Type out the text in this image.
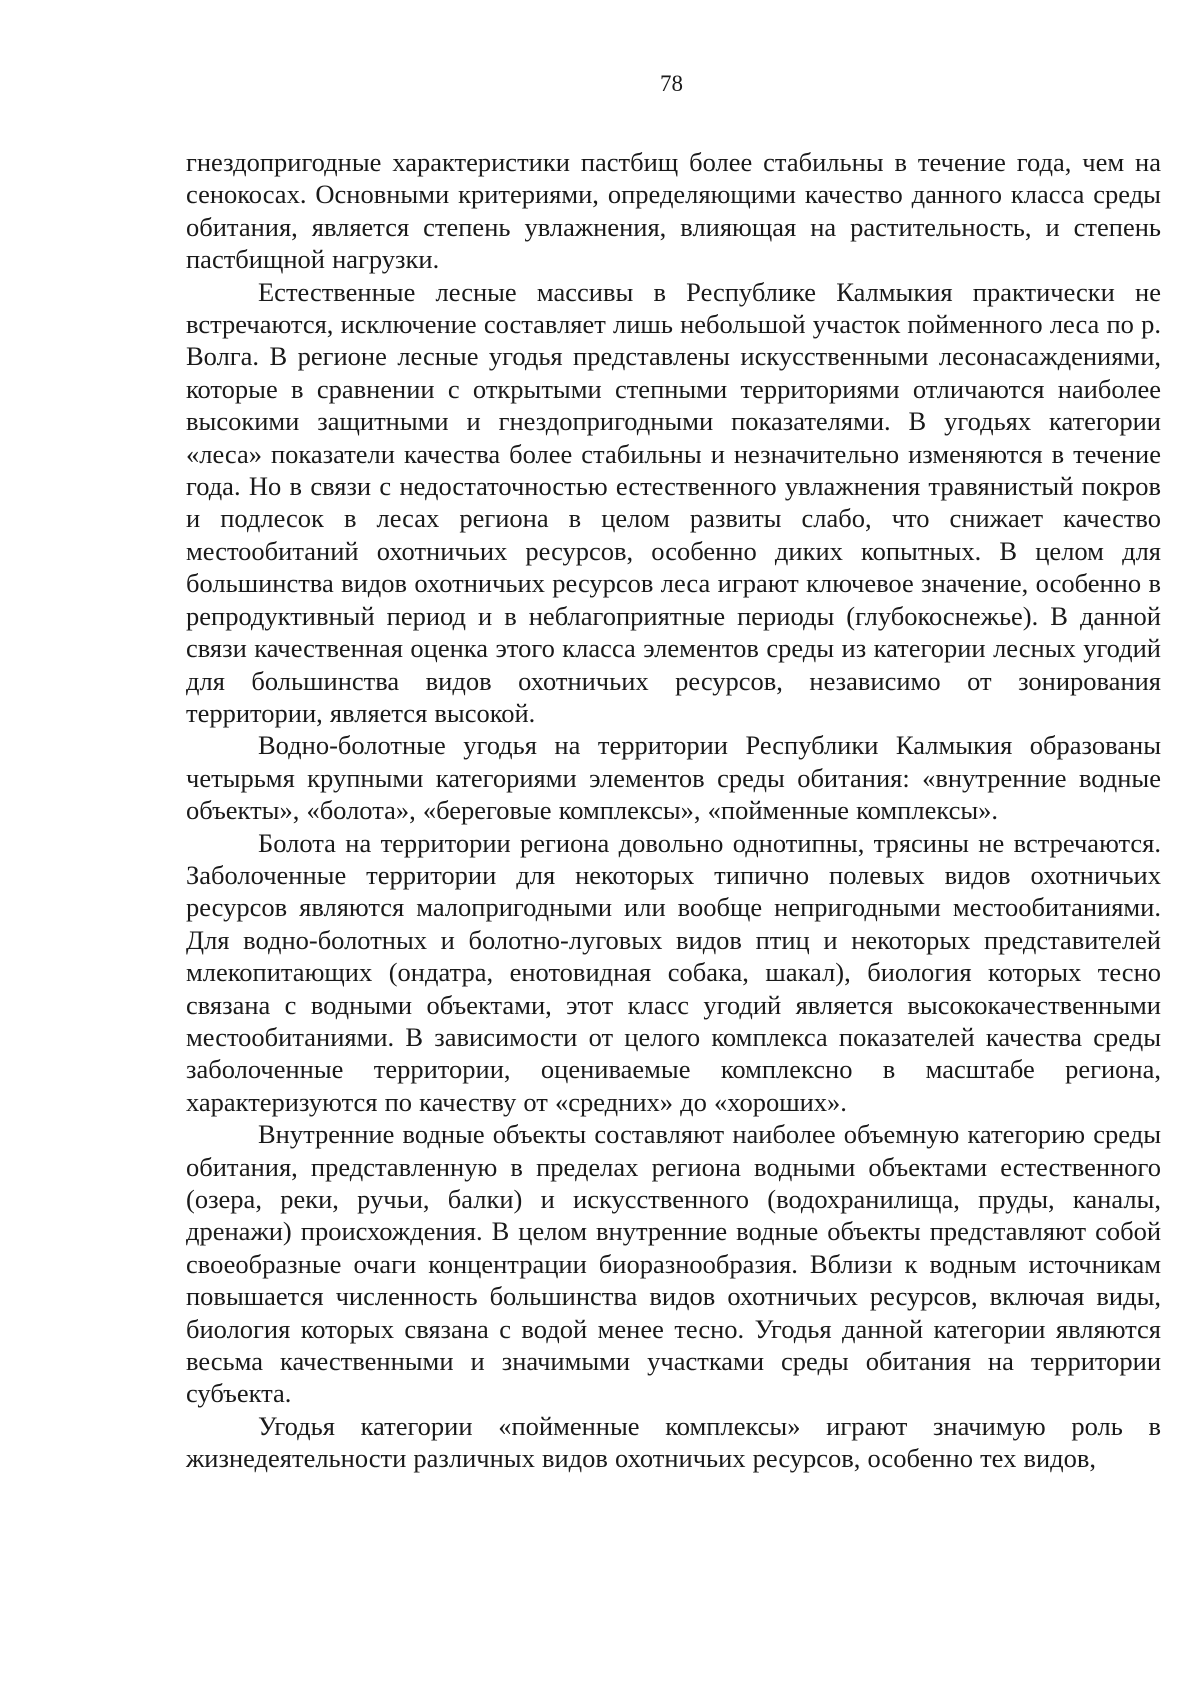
78

гнездопригодные характеристики пастбищ более стабильны в течение года, чем на сенокосах. Основными критериями, определяющими качество данного класса среды обитания, является степень увлажнения, влияющая на растительность, и степень пастбищной нагрузки.

Естественные лесные массивы в Республике Калмыкия практически не встречаются, исключение составляет лишь небольшой участок пойменного леса по р. Волга. В регионе лесные угодья представлены искусственными лесонасаждениями, которые в сравнении с открытыми степными территориями отличаются наиболее высокими защитными и гнездопригодными показателями. В угодьях категории «леса» показатели качества более стабильны и незначительно изменяются в течение года. Но в связи с недостаточностью естественного увлажнения травянистый покров и подлесок в лесах региона в целом развиты слабо, что снижает качество местообитаний охотничьих ресурсов, особенно диких копытных. В целом для большинства видов охотничьих ресурсов леса играют ключевое значение, особенно в репродуктивный период и в неблагоприятные периоды (глубокоснежье). В данной связи качественная оценка этого класса элементов среды из категории лесных угодий для большинства видов охотничьих ресурсов, независимо от зонирования территории, является высокой.

Водно-болотные угодья на территории Республики Калмыкия образованы четырьмя крупными категориями элементов среды обитания: «внутренние водные объекты», «болота», «береговые комплексы», «пойменные комплексы».

Болота на территории региона довольно однотипны, трясины не встречаются. Заболоченные территории для некоторых типично полевых видов охотничьих ресурсов являются малопригодными или вообще непригодными местообитаниями. Для водно-болотных и болотно-луговых видов птиц и некоторых представителей млекопитающих (ондатра, енотовидная собака, шакал), биология которых тесно связана с водными объектами, этот класс угодий является высококачественными местообитаниями. В зависимости от целого комплекса показателей качества среды заболоченные территории, оцениваемые комплексно в масштабе региона, характеризуются по качеству от «средних» до «хороших».

Внутренние водные объекты составляют наиболее объемную категорию среды обитания, представленную в пределах региона водными объектами естественного (озера, реки, ручьи, балки) и искусственного (водохранилища, пруды, каналы, дренажи) происхождения. В целом внутренние водные объекты представляют собой своеобразные очаги концентрации биоразнообразия. Вблизи к водным источникам повышается численность большинства видов охотничьих ресурсов, включая виды, биология которых связана с водой менее тесно. Угодья данной категории являются весьма качественными и значимыми участками среды обитания на территории субъекта.

Угодья категории «пойменные комплексы» играют значимую роль в жизнедеятельности различных видов охотничьих ресурсов, особенно тех видов,
